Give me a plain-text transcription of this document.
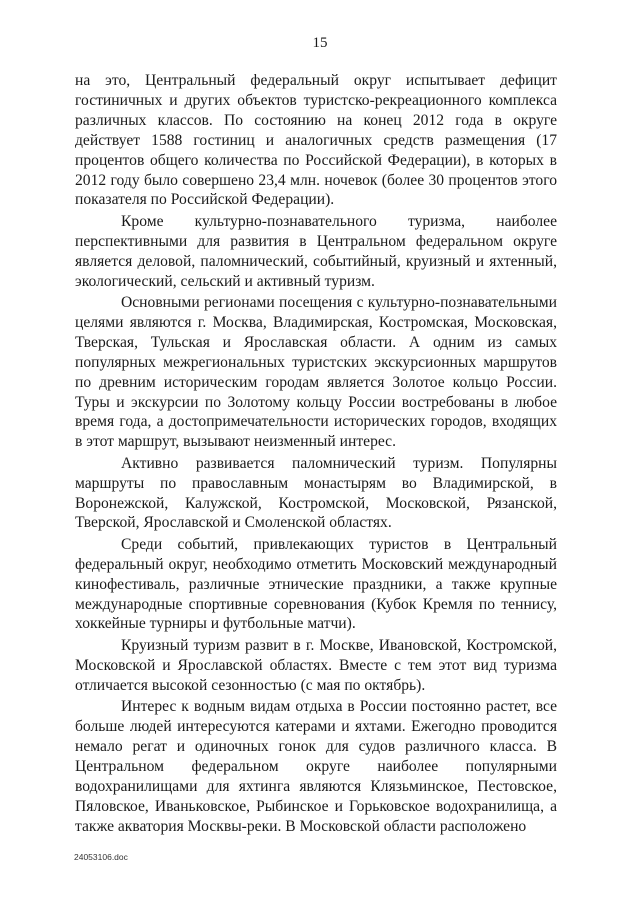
15

на это, Центральный федеральный округ испытывает дефицит гостиничных и других объектов туристско-рекреационного комплекса различных классов. По состоянию на конец 2012 года в округе действует 1588 гостиниц и аналогичных средств размещения (17 процентов общего количества по Российской Федерации), в которых в 2012 году было совершено 23,4 млн. ночевок (более 30 процентов этого показателя по Российской Федерации).

Кроме культурно-познавательного туризма, наиболее перспективными для развития в Центральном федеральном округе является деловой, паломнический, событийный, круизный и яхтенный, экологический, сельский и активный туризм.

Основными регионами посещения с культурно-познавательными целями являются г. Москва, Владимирская, Костромская, Московская, Тверская, Тульская и Ярославская области. А одним из самых популярных межрегиональных туристских экскурсионных маршрутов по древним историческим городам является Золотое кольцо России. Туры и экскурсии по Золотому кольцу России востребованы в любое время года, а достопримечательности исторических городов, входящих в этот маршрут, вызывают неизменный интерес.

Активно развивается паломнический туризм. Популярны маршруты по православным монастырям во Владимирской, в Воронежской, Калужской, Костромской, Московской, Рязанской, Тверской, Ярославской и Смоленской областях.

Среди событий, привлекающих туристов в Центральный федеральный округ, необходимо отметить Московский международный кинофестиваль, различные этнические праздники, а также крупные международные спортивные соревнования (Кубок Кремля по теннису, хоккейные турниры и футбольные матчи).

Круизный туризм развит в г. Москве, Ивановской, Костромской, Московской и Ярославской областях. Вместе с тем этот вид туризма отличается высокой сезонностью (с мая по октябрь).

Интерес к водным видам отдыха в России постоянно растет, все больше людей интересуются катерами и яхтами. Ежегодно проводится немало регат и одиночных гонок для судов различного класса. В Центральном федеральном округе наиболее популярными водохранилищами для яхтинга являются Клязьминское, Пестовское, Пяловское, Иваньковское, Рыбинское и Горьковское водохранилища, а также акватория Москвы-реки. В Московской области расположено

24053106.doc
